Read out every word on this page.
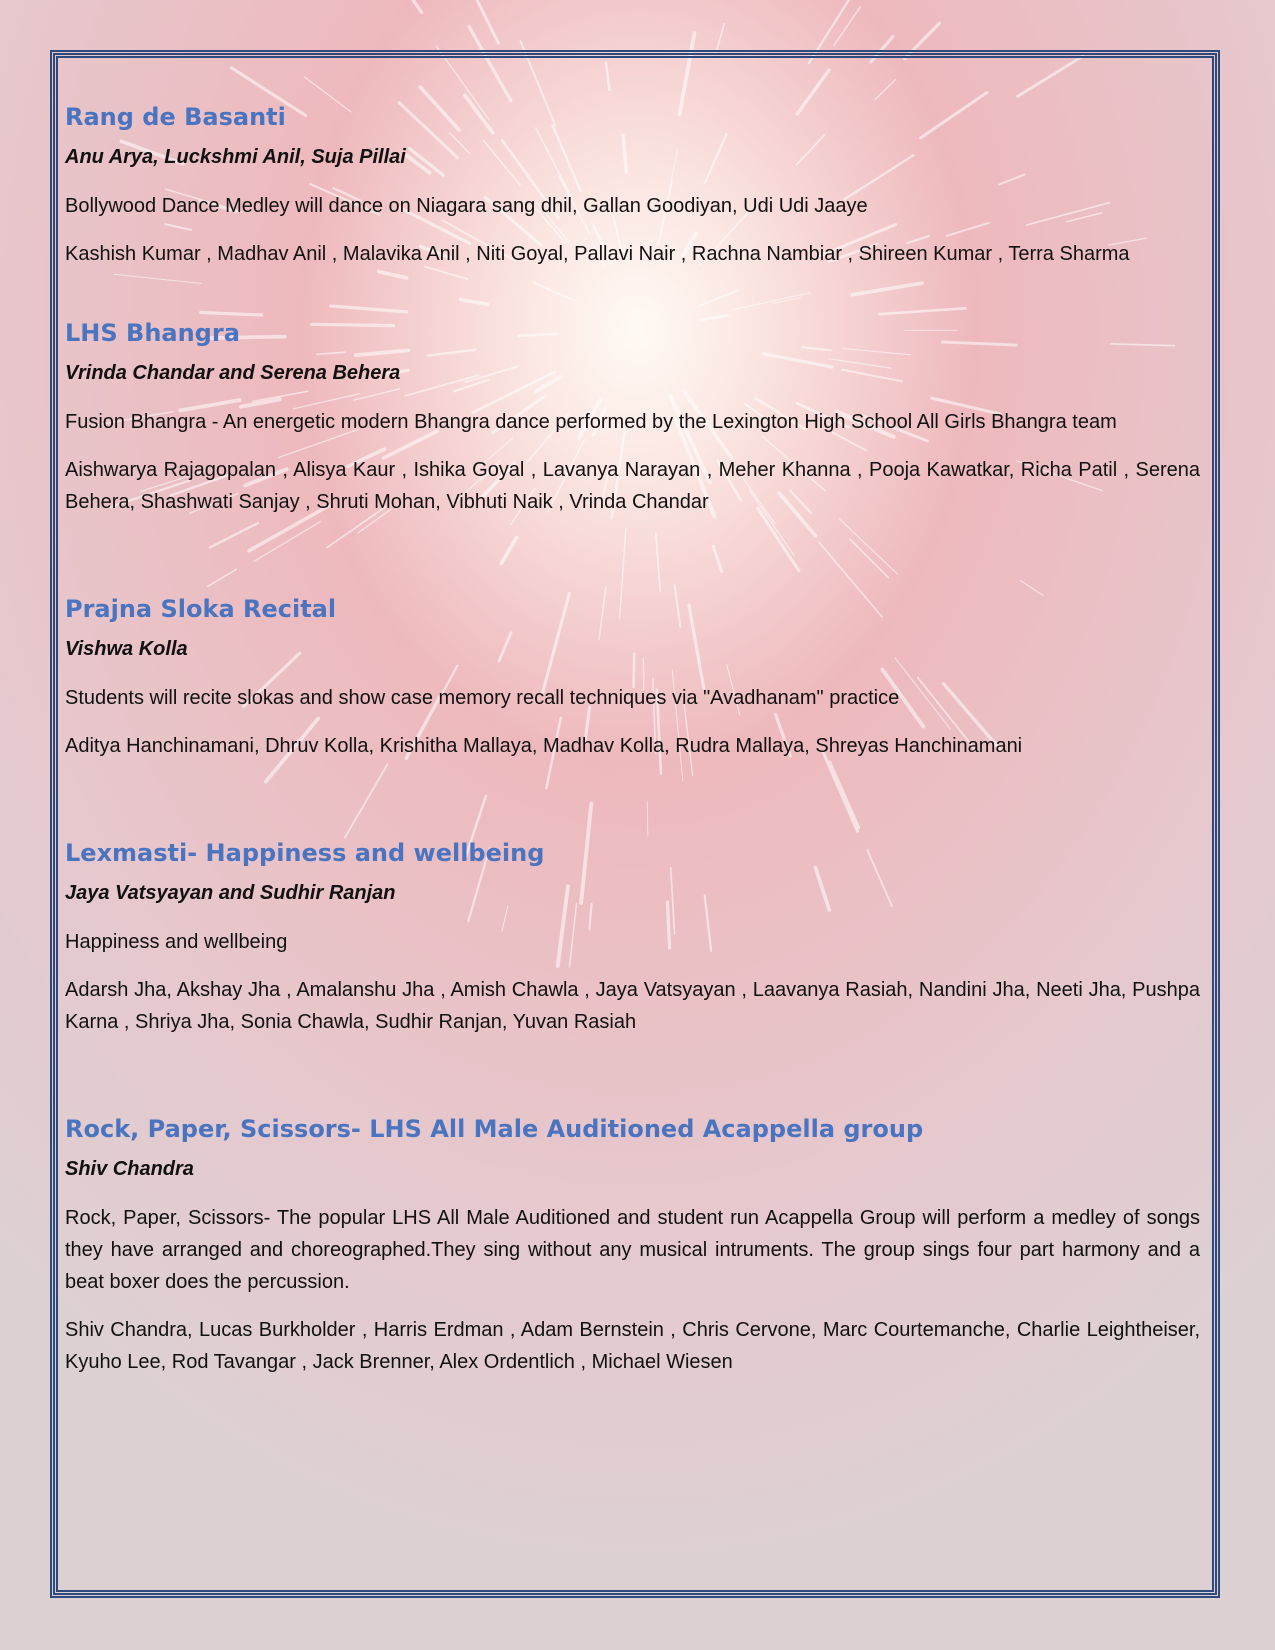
Rang de Basanti

Anu Arya, Luckshmi Anil, Suja Pillai

Bollywood Dance Medley will dance on Niagara sang dhil, Gallan Goodiyan, Udi Udi Jaaye

Kashish Kumar , Madhav Anil , Malavika Anil , Niti Goyal, Pallavi Nair , Rachna Nambiar , Shireen Kumar , Terra Sharma

LHS Bhangra

Vrinda Chandar and Serena Behera

Fusion Bhangra - An energetic modern Bhangra dance performed by the Lexington High School All Girls Bhangra team

Aishwarya Rajagopalan , Alisya Kaur , Ishika Goyal , Lavanya Narayan , Meher Khanna , Pooja Kawatkar, Richa Patil , Serena Behera, Shashwati Sanjay , Shruti Mohan, Vibhuti Naik , Vrinda Chandar

Prajna Sloka Recital

Vishwa Kolla

Students will recite slokas and show case memory recall techniques via "Avadhanam" practice

Aditya Hanchinamani, Dhruv Kolla, Krishitha Mallaya, Madhav Kolla, Rudra Mallaya, Shreyas Hanchinamani

Lexmasti- Happiness and wellbeing

Jaya Vatsyayan and Sudhir Ranjan

Happiness and wellbeing

Adarsh Jha, Akshay Jha , Amalanshu Jha , Amish Chawla , Jaya Vatsyayan , Laavanya Rasiah, Nandini Jha, Neeti Jha, Pushpa Karna , Shriya Jha, Sonia Chawla, Sudhir Ranjan, Yuvan Rasiah

Rock, Paper, Scissors- LHS All Male Auditioned Acappella group

Shiv Chandra

Rock, Paper, Scissors- The popular LHS All Male Auditioned and student run Acappella Group will perform a medley of songs they have arranged and choreographed.They sing without any musical intruments. The group sings four part harmony and a beat boxer does the percussion.

Shiv Chandra, Lucas Burkholder , Harris Erdman , Adam Bernstein , Chris Cervone, Marc Courtemanche, Charlie Leightheiser, Kyuho Lee, Rod Tavangar , Jack Brenner, Alex Ordentlich , Michael Wiesen
